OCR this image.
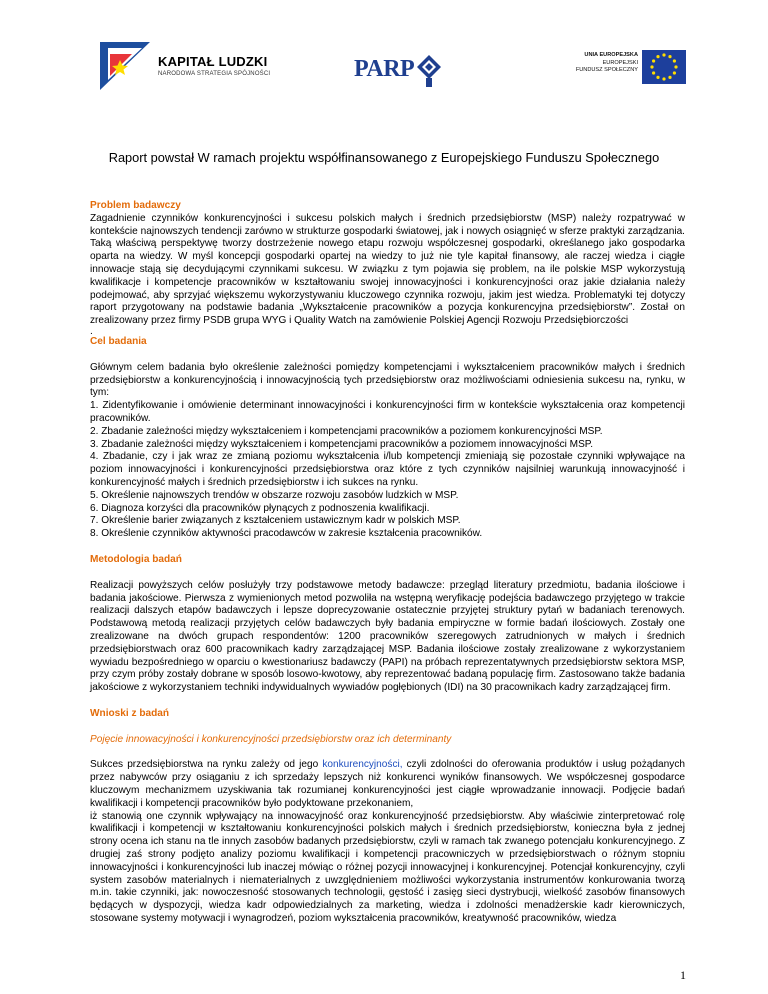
KAPITAŁ LUDZKI
NARODOWA STRATEGIA SPÓJNOŚCI	PARP
UNIA EUROPEJSKA
EUROPEJSKI
FUNDUSZ SPOŁECZNY
Raport powstał W ramach projektu współfinansowanego z Europejskiego Funduszu Społecznego
Problem badawczy

Zagadnienie czynników konkurencyjności i sukcesu polskich małych i średnich przedsiębiorstw (MSP) należy rozpatrywać w kontekście najnowszych tendencji zarówno w strukturze gospodarki światowej, jak i nowych osiągnięć w sferze praktyki zarządzania. Taką właściwą perspektywę tworzy dostrzeżenie nowego etapu rozwoju współczesnej gospodarki, określanego jako gospodarka oparta na wiedzy. W myśl koncepcji gospodarki opartej na wiedzy to już nie tyle kapitał finansowy, ale raczej wiedza i ciągłe innowacje stają się decydującymi czynnikami sukcesu. W związku z tym pojawia się problem, na ile polskie MSP wykorzystują kwalifikacje i kompetencje pracowników w kształtowaniu swojej innowacyjności i konkurencyjności oraz jakie działania należy podejmować, aby sprzyjać większemu wykorzystywaniu kluczowego czynnika rozwoju, jakim jest wiedza. Problematyki tej dotyczy raport przygotowany na podstawie badania „Wykształcenie pracowników a pozycja konkurencyjna przedsiębiorstw”. Został on zrealizowany przez firmy PSDB grupa WYG i Quality Watch na zamówienie Polskiej Agencji Rozwoju Przedsiębiorczości

.
Cel badania

Głównym celem badania było określenie zależności pomiędzy kompetencjami i wykształceniem pracowników małych i średnich przedsiębiorstw a konkurencyjnością i innowacyjnością tych przedsiębiorstw oraz możliwościami odniesienia sukcesu na, rynku, w tym:

1. Zidentyfikowanie i omówienie determinant innowacyjności i konkurencyjności firm w kontekście wykształcenia oraz kompetencji pracowników.

2. Zbadanie zależności między wykształceniem i kompetencjami pracowników a poziomem konkurencyjności MSP.

3. Zbadanie zależności między wykształceniem i kompetencjami pracowników a poziomem innowacyjności MSP.

4. Zbadanie, czy i jak wraz ze zmianą poziomu wykształcenia i/lub kompetencji zmieniają się pozostałe czynniki wpływające na poziom innowacyjności i konkurencyjności przedsiębiorstwa oraz które z tych czynników najsilniej warunkują innowacyjność i konkurencyjność małych i średnich przedsiębiorstw i ich sukces na rynku.

5. Określenie najnowszych trendów w obszarze rozwoju zasobów ludzkich w MSP.

6. Diagnoza korzyści dla pracowników płynących z podnoszenia kwalifikacji.

7. Określenie barier związanych z kształceniem ustawicznym kadr w polskich MSP.

8. Określenie czynników aktywności pracodawców w zakresie kształcenia pracowników.

Metodologia badań

Realizacji powyższych celów posłużyły trzy podstawowe metody badawcze: przegląd literatury przedmiotu, badania ilościowe i badania jakościowe. Pierwsza z wymienionych metod pozwoliła na wstępną weryfikację podejścia badawczego przyjętego w trakcie realizacji dalszych etapów badawczych i lepsze doprecyzowanie ostatecznie przyjętej struktury pytań w badaniach terenowych. Podstawową metodą realizacji przyjętych celów badawczych były badania empiryczne w formie badań ilościowych. Zostały one zrealizowane na dwóch grupach respondentów: 1200 pracowników szeregowych zatrudnionych w małych i średnich przedsiębiorstwach oraz 600 pracownikach kadry zarządzającej MSP. Badania ilościowe zostały zrealizowane z wykorzystaniem wywiadu bezpośredniego w oparciu o kwestionariusz badawczy (PAPI) na próbach reprezentatywnych przedsiębiorstw sektora MSP, przy czym próby zostały dobrane w sposób losowo-kwotowy, aby reprezentować badaną populację firm. Zastosowano także badania jakościowe z wykorzystaniem techniki indywidualnych wywiadów pogłębionych (IDI) na 30 pracownikach kadry zarządzającej firm.

Wnioski z badań
Pojęcie innowacyjności i konkurencyjności przedsiębiorstw oraz ich determinanty

Sukces przedsiębiorstwa na rynku zależy od jego konkurencyjności, czyli zdolności do oferowania produktów i usług pożądanych przez nabywców przy osiąganiu z ich sprzedaży lepszych niż konkurenci wyników finansowych. We współczesnej gospodarce kluczowym mechanizmem uzyskiwania tak rozumianej konkurencyjności jest ciągłe wprowadzanie innowacji. Podjęcie badań kwalifikacji i kompetencji pracowników było podyktowane przekonaniem,

iż stanowią one czynnik wpływający na innowacyjność oraz konkurencyjność przedsiębiorstw. Aby właściwie zinterpretować rolę kwalifikacji i kompetencji w kształtowaniu konkurencyjności polskich małych i średnich przedsiębiorstw, konieczna była z jednej strony ocena ich stanu na tle innych zasobów badanych przedsiębiorstw, czyli w ramach tak zwanego potencjału konkurencyjnego. Z drugiej zaś strony podjęto analizy poziomu kwalifikacji i kompetencji pracowniczych w przedsiębiorstwach o różnym stopniu innowacyjności i konkurencyjności lub inaczej mówiąc o różnej pozycji innowacyjnej i konkurencyjnej. Potencjał konkurencyjny, czyli system zasobów materialnych i niematerialnych z uwzględnieniem możliwości wykorzystania instrumentów konkurowania tworzą m.in. takie czynniki, jak: nowoczesność stosowanych technologii, gęstość i zasięg sieci dystrybucji, wielkość zasobów finansowych będących w dyspozycji, wiedza kadr odpowiedzialnych za marketing, wiedza i zdolności menadżerskie kadr kierowniczych, stosowane systemy motywacji i wynagrodzeń, poziom wykształcenia pracowników, kreatywność pracowników, wiedza

1
